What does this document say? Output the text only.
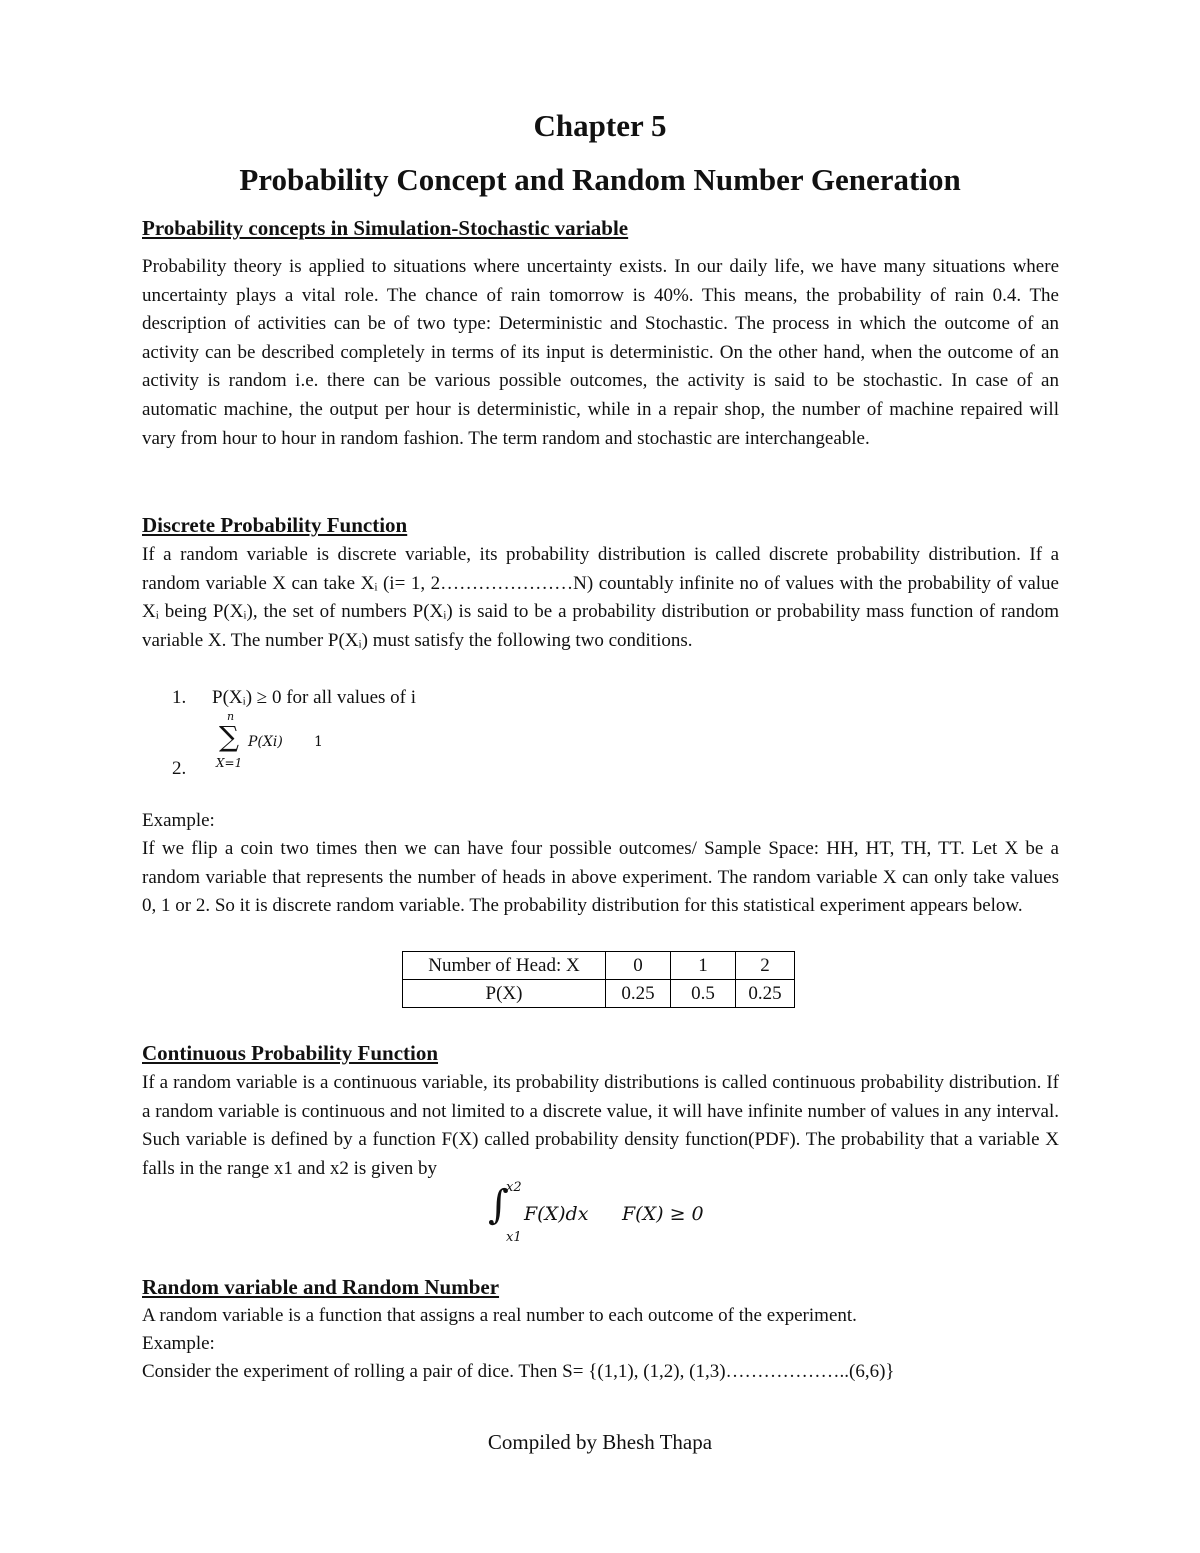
Chapter 5
Probability Concept and Random Number Generation
Probability concepts in Simulation-Stochastic variable

Probability theory is applied to situations where uncertainty exists. In our daily life, we have many situations where uncertainty plays a vital role. The chance of rain tomorrow is 40%. This means, the probability of rain 0.4. The description of activities can be of two type: Deterministic and Stochastic. The process in which the outcome of an activity can be described completely in terms of its input is deterministic. On the other hand, when the outcome of an activity is random i.e. there can be various possible outcomes, the activity is said to be stochastic. In case of an automatic machine, the output per hour is deterministic, while in a repair shop, the number of machine repaired will vary from hour to hour in random fashion. The term random and stochastic are interchangeable.

Discrete Probability Function

If a random variable is discrete variable, its probability distribution is called discrete probability distribution. If a random variable X can take Xᵢ (i= 1, 2…………………N) countably infinite no of values with the probability of value Xᵢ being P(Xᵢ), the set of numbers P(Xᵢ) is said to be a probability distribution or probability mass function of random variable X. The number P(Xᵢ) must satisfy the following two conditions.

1. P(Xᵢ) ≥ 0 for all values of i
2.
n
∑ P(Xi) 1
X=1

Example:

If we flip a coin two times then we can have four possible outcomes/ Sample Space: HH, HT, TH, TT. Let X be a random variable that represents the number of heads in above experiment. The random variable X can only take values 0, 1 or 2. So it is discrete random variable. The probability distribution for this statistical experiment appears below.

Number of Head: X	0	1	2
P(X)	0.25	0.5	0.25
Continuous Probability Function

If a random variable is a continuous variable, its probability distributions is called continuous probability distribution. If a random variable is continuous and not limited to a discrete value, it will have infinite number of values in any interval. Such variable is defined by a function F(X) called probability density function(PDF). The probability that a variable X falls in the range x1 and x2 is given by

∫
x2
x1
F(X)dx F(X) ≥ 0
Random variable and Random Number

A random variable is a function that assigns a real number to each outcome of the experiment.

Example:

Consider the experiment of rolling a pair of dice. Then S= {(1,1), (1,2), (1,3)………………..(6,6)}

Compiled by Bhesh Thapa
